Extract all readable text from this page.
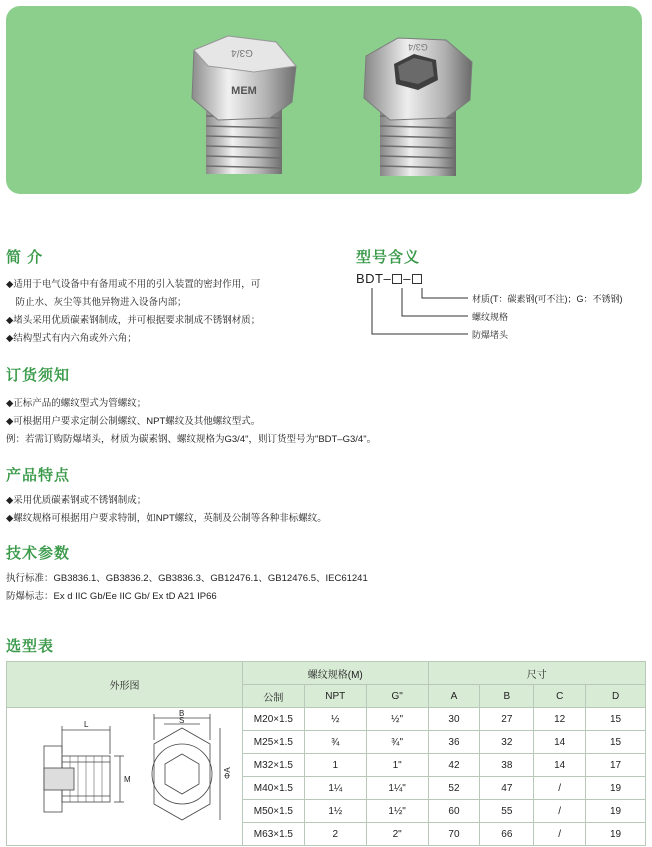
G3/4
MEM
G3/4
简 介
◆适用于电气设备中有备用或不用的引入装置的密封作用，可
　防止水、灰尘等其他异物进入设备内部；
◆堵头采用优质碳素钢制成，并可根据要求制成不锈钢材质；
◆结构型式有内六角或外六角；
型号含义
BDT– –
材质(T：碳素钢(可不注)；G：不锈钢)
螺纹规格
防爆堵头
订货须知
◆正标产品的螺纹型式为管螺纹；
◆可根据用户要求定制公制螺纹、NPT螺纹及其他螺纹型式。
例：若需订购防爆堵头，材质为碳素钢、螺纹规格为G3/4"，则订货型号为"BDT–G3/4"。
产品特点
◆采用优质碳素钢或不锈钢制成；
◆螺纹规格可根据用户要求特制，如NPT螺纹，英制及公制等各种非标螺纹。
技术参数
执行标准：GB3836.1、GB3836.2、GB3836.3、GB12476.1、GB12476.5、IEC61241
防爆标志：Ex d IIC Gb/Ee IIC Gb/ Ex tD A21 IP66
选型表
外形图	螺纹规格(M)			尺寸			
	公制	NPT	G"	A	B	C	D

L
M
B
S
ΦA	M20×1.5	½	½"	30	27	12	15
	M25×1.5	¾	¾"	36	32	14	15
	M32×1.5	1	1"	42	38	14	17
	M40×1.5	1¼	1¼"	52	47	/	19
	M50×1.5	1½	1½"	60	55	/	19
	M63×1.5	2	2"	70	66	/	19
